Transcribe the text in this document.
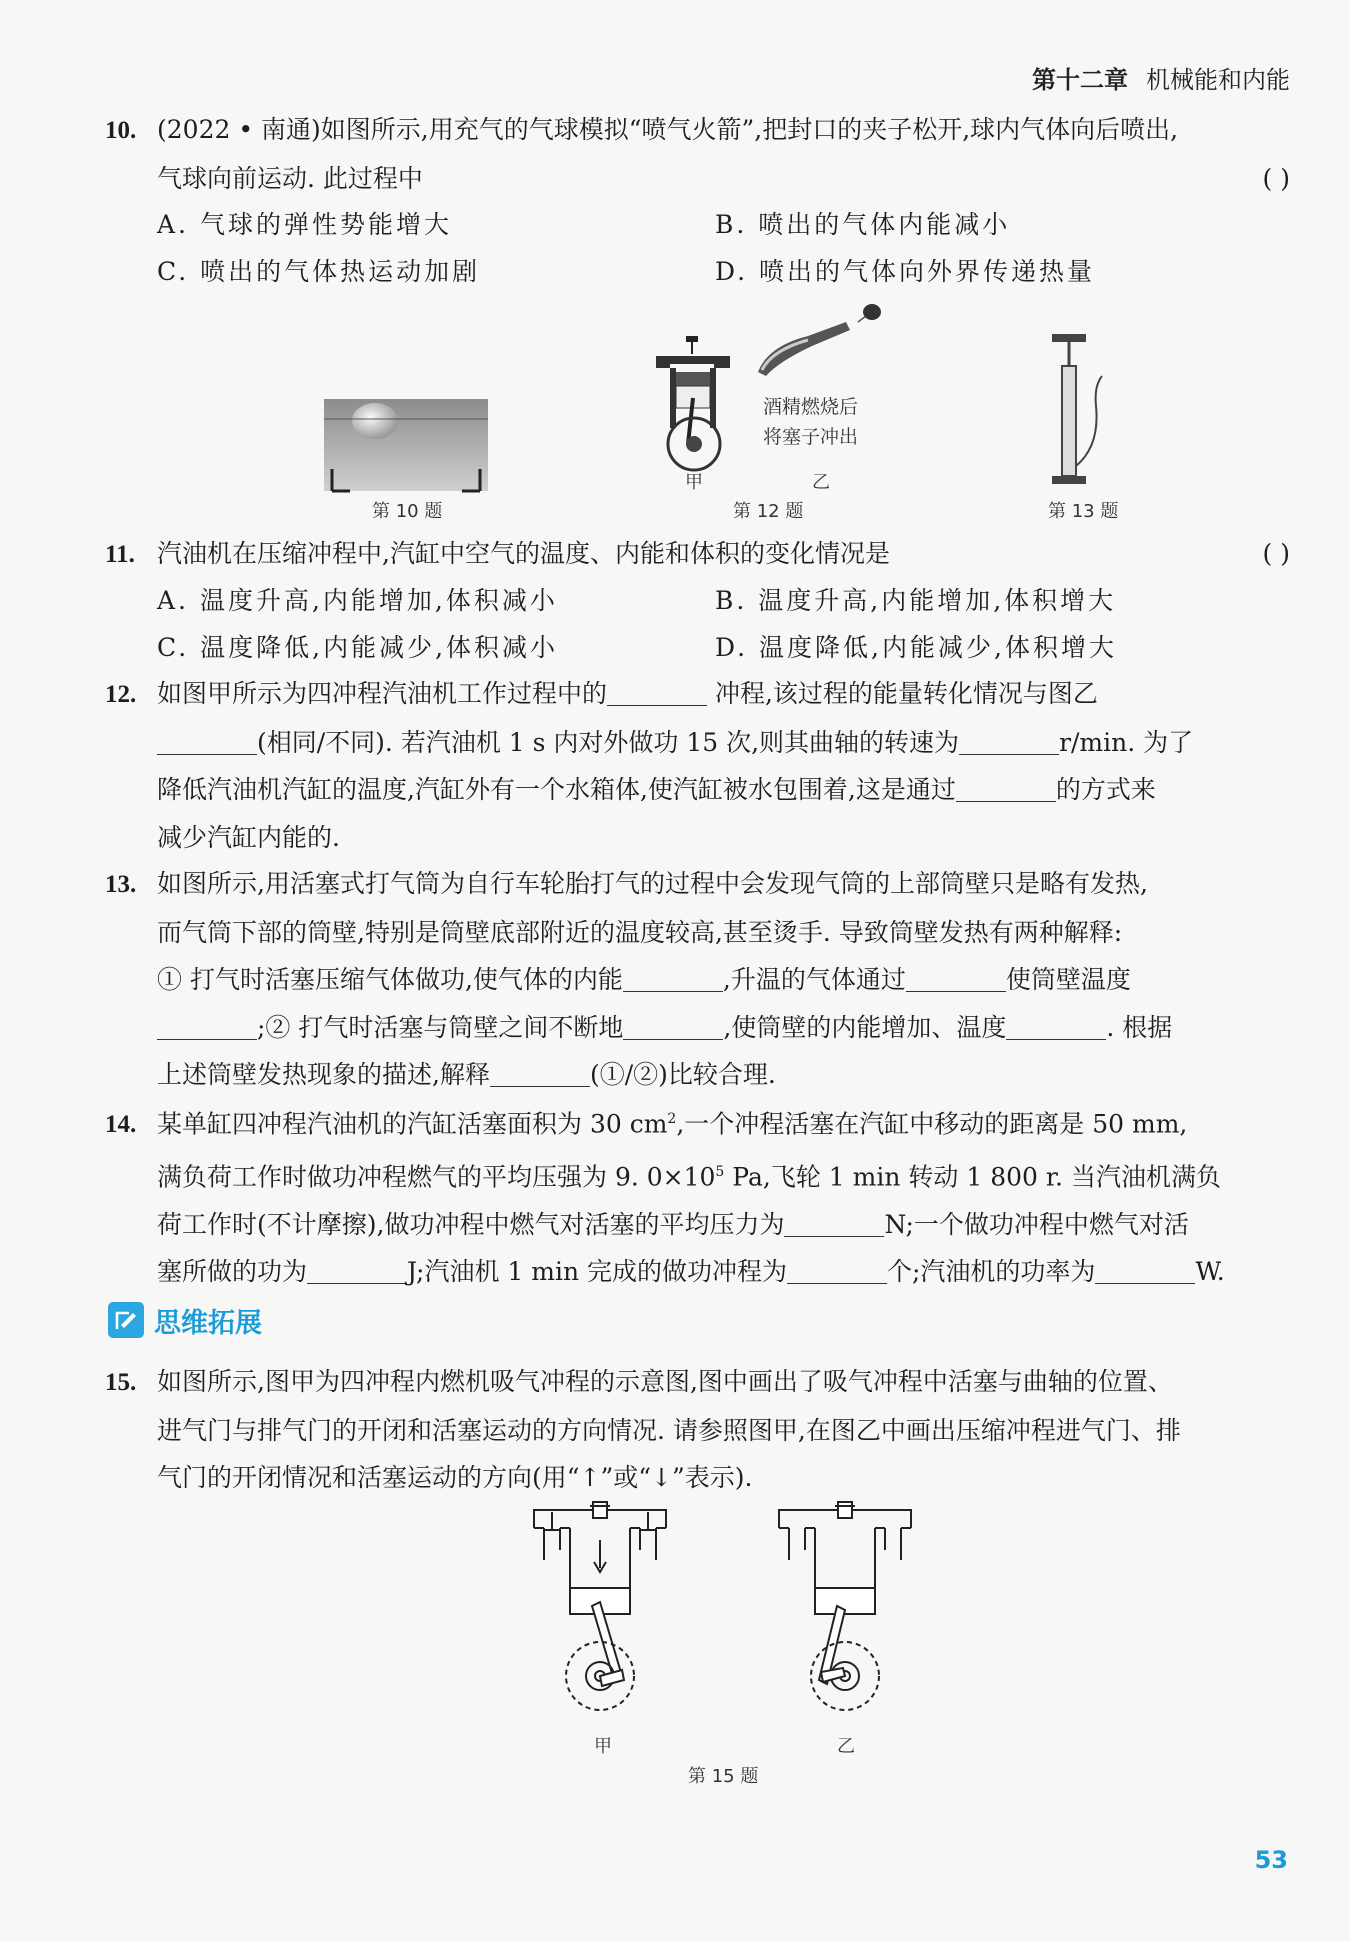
第十二章 机械能和内能
10. (2022 • 南通)如图所示,用充气的气球模拟“喷气火箭”,把封口的夹子松开,球内气体向后喷出,
气球向前运动. 此过程中	( )
A. 气球的弹性势能增大	B. 喷出的气体内能减小
C. 喷出的气体热运动加剧	D. 喷出的气体向外界传递热量
第 10 题
甲
酒精燃烧后
将塞子冲出
乙
第 12 题	第 13 题
11. 汽油机在压缩冲程中,汽缸中空气的温度、内能和体积的变化情况是	( )
A. 温度升高,内能增加,体积减小	B. 温度升高,内能增加,体积增大
C. 温度降低,内能减少,体积减小	D. 温度降低,内能减少,体积增大
12. 如图甲所示为四冲程汽油机工作过程中的	冲程,该过程的能量转化情况与图乙
(相同/不同). 若汽油机 1 s 内对外做功 15 次,则其曲轴的转速为	r/min. 为了
降低汽油机汽缸的温度,汽缸外有一个水箱体,使汽缸被水包围着,这是通过	的方式来
减少汽缸内能的.
13. 如图所示,用活塞式打气筒为自行车轮胎打气的过程中会发现气筒的上部筒壁只是略有发热,
而气筒下部的筒壁,特别是筒壁底部附近的温度较高,甚至烫手. 导致筒壁发热有两种解释:
① 打气时活塞压缩气体做功,使气体的内能	,升温的气体通过	使筒壁温度
;② 打气时活塞与筒壁之间不断地	,使筒壁的内能增加、温度	. 根据
上述筒壁发热现象的描述,解释	(①/②)比较合理.
14. 某单缸四冲程汽油机的汽缸活塞面积为 30 $cm^2$,一个冲程活塞在汽缸中移动的距离是 50 mm,
满负荷工作时做功冲程燃气的平均压强为 9. $0\times 10^5$ Pa,飞轮 1 min 转动 1 800 r. 当汽油机满负
荷工作时(不计摩擦),做功冲程中燃气对活塞的平均压力为	N;一个做功冲程中燃气对活
塞所做的功为	J;汽油机 1 min 完成的做功冲程为	个;汽油机的功率为	W.
思维拓展
15. 如图所示,图甲为四冲程内燃机吸气冲程的示意图,图中画出了吸气冲程中活塞与曲轴的位置、
进气门与排气门的开闭和活塞运动的方向情况. 请参照图甲,在图乙中画出压缩冲程进气门、排
气门的开闭情况和活塞运动的方向(用“↑”或“↓”表示).
甲	乙
第 15 题
53
